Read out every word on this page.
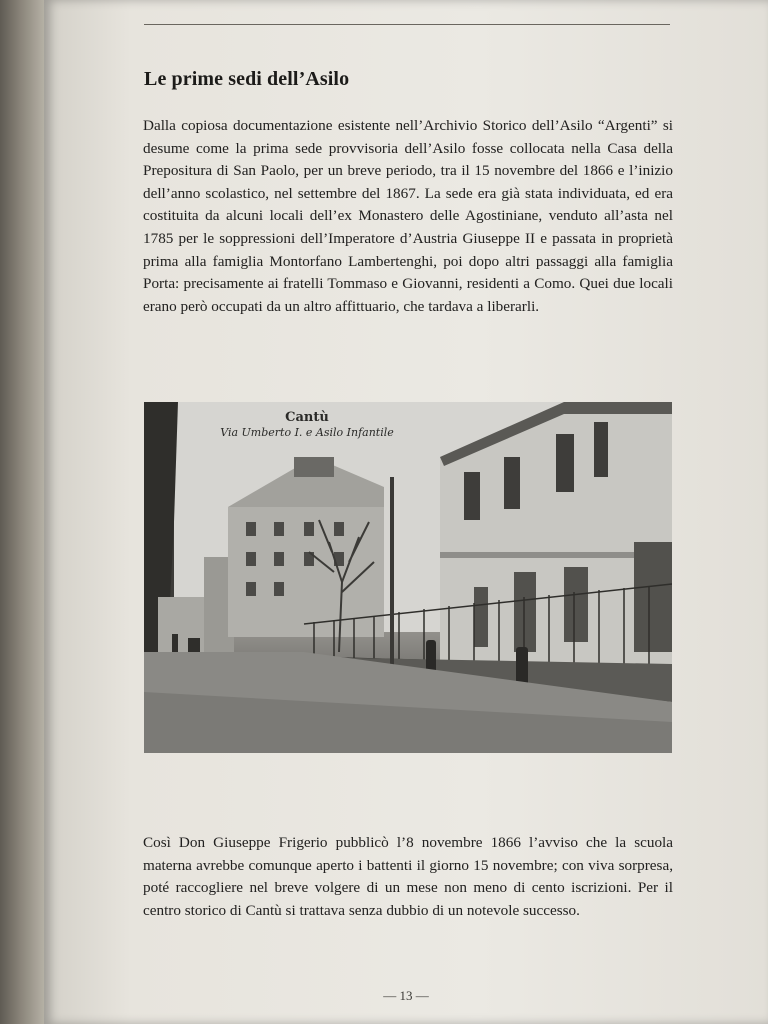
Le prime sedi dell’Asilo

Dalla copiosa documentazione esistente nell’Archivio Storico dell’Asilo “Argenti” si desume come la prima sede provvisoria dell’Asilo fosse collocata nella Casa della Prepositura di San Paolo, per un breve periodo, tra il 15 novembre del 1866 e l’inizio dell’anno scolastico, nel settembre del 1867. La sede era già stata individuata, ed era costituita da alcuni locali dell’ex Monastero delle Agostiniane, venduto all’asta nel 1785 per le soppressioni dell’Imperatore d’Austria Giuseppe II e passata in proprietà prima alla famiglia Montorfano Lambertenghi, poi dopo altri passaggi alla famiglia Porta: precisamente ai fratelli Tommaso e Giovanni, residenti a Como. Quei due locali erano però occupati da un altro affittuario, che tardava a liberarli.

Cantù
Via Umberto I. e Asilo Infantile

Così Don Giuseppe Frigerio pubblicò l’8 novembre 1866 l’avviso che la scuola materna avrebbe comunque aperto i battenti il giorno 15 novembre; con viva sorpresa, poté raccogliere nel breve volgere di un mese non meno di cento iscrizioni. Per il centro storico di Cantù si trattava senza dubbio di un notevole successo.

— 13 —
